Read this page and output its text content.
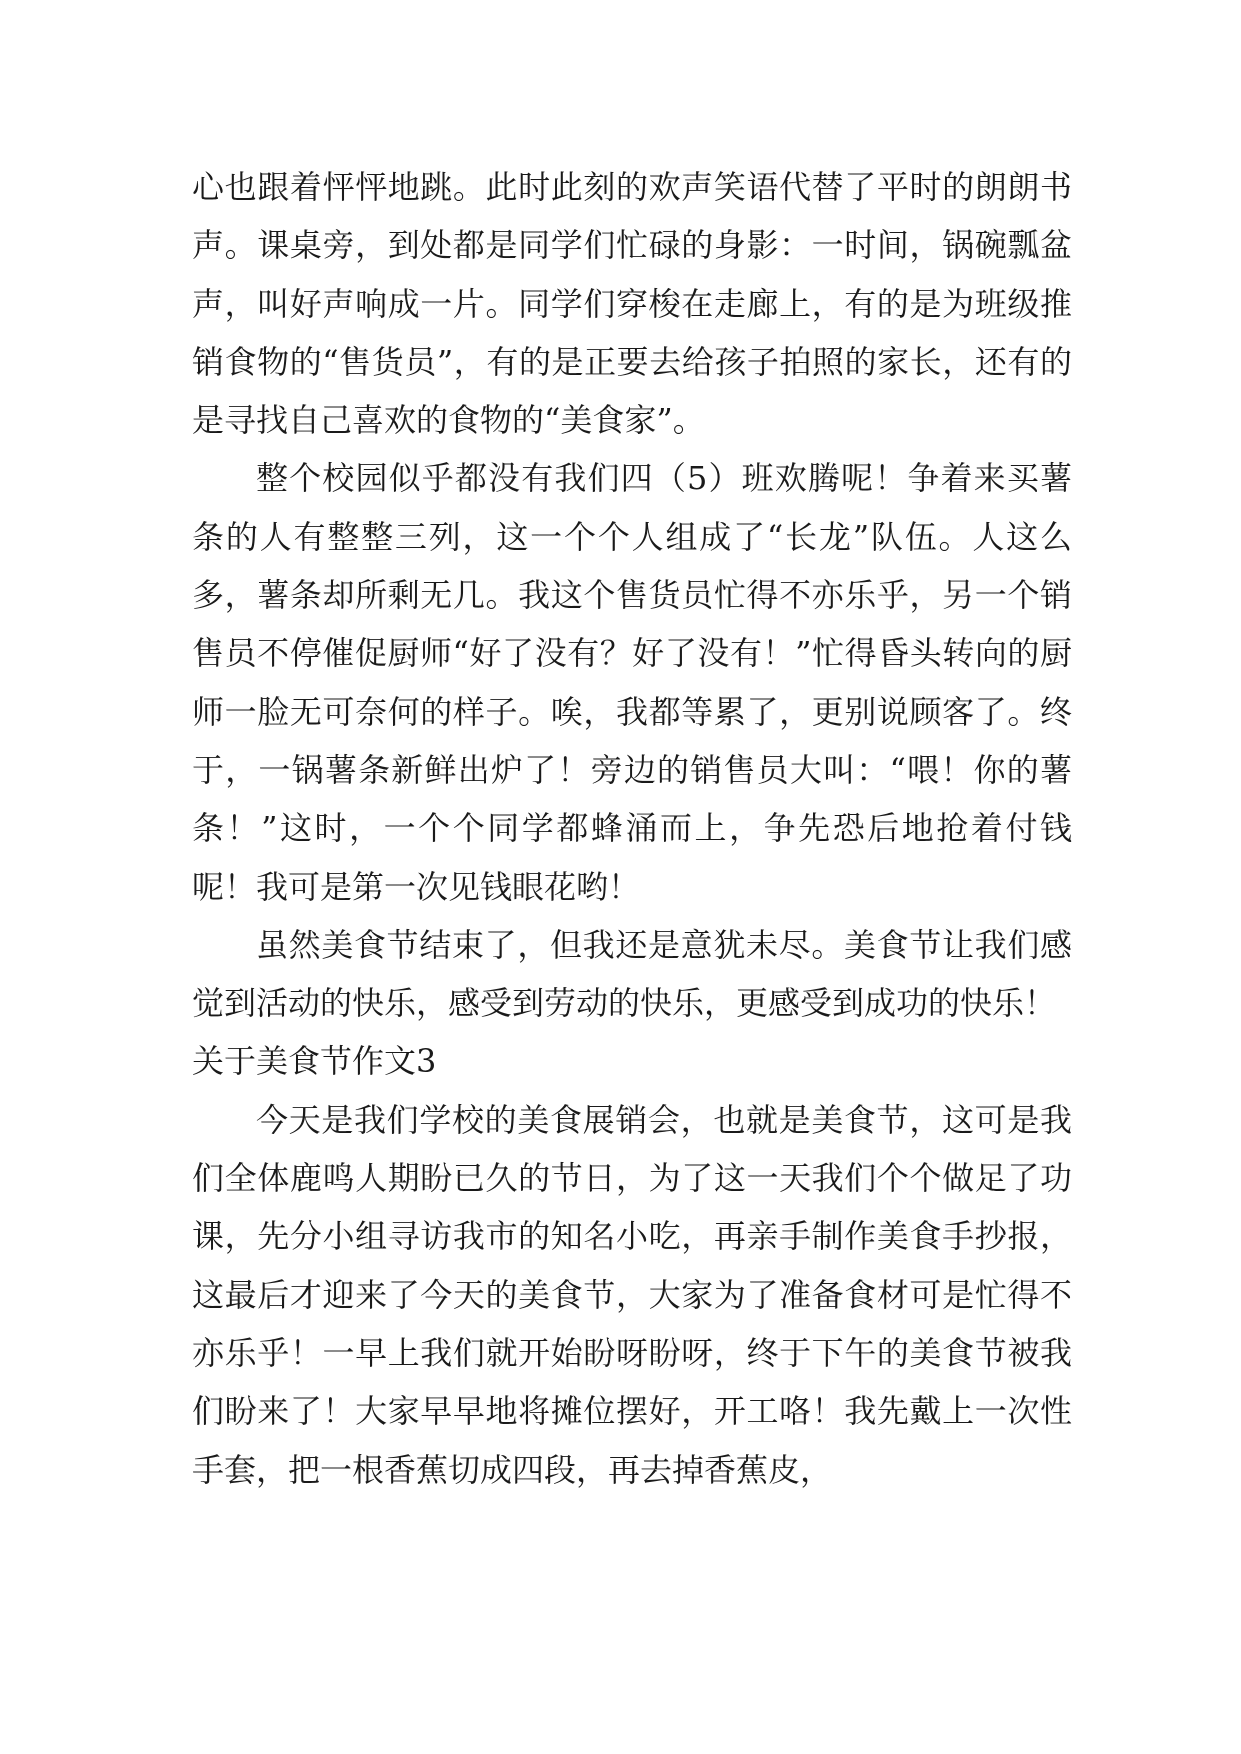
心也跟着怦怦地跳。此时此刻的欢声笑语代替了平时的朗朗书声。课桌旁，到处都是同学们忙碌的身影：一时间，锅碗瓢盆声，叫好声响成一片。同学们穿梭在走廊上，有的是为班级推销食物的“售货员”，有的是正要去给孩子拍照的家长，还有的是寻找自己喜欢的食物的“美食家”。

整个校园似乎都没有我们四（5）班欢腾呢！争着来买薯条的人有整整三列，这一个个人组成了“长龙”队伍。人这么多，薯条却所剩无几。我这个售货员忙得不亦乐乎，另一个销售员不停催促厨师“好了没有？好了没有！”忙得昏头转向的厨师一脸无可奈何的样子。唉，我都等累了，更别说顾客了。终于，一锅薯条新鲜出炉了！旁边的销售员大叫：“喂！你的薯条！”这时，一个个同学都蜂涌而上，争先恐后地抢着付钱呢！我可是第一次见钱眼花哟！

虽然美食节结束了，但我还是意犹未尽。美食节让我们感觉到活动的快乐，感受到劳动的快乐，更感受到成功的快乐！

关于美食节作文3

今天是我们学校的美食展销会，也就是美食节，这可是我们全体鹿鸣人期盼已久的节日，为了这一天我们个个做足了功课，先分小组寻访我市的知名小吃，再亲手制作美食手抄报，这最后才迎来了今天的美食节，大家为了准备食材可是忙得不亦乐乎！一早上我们就开始盼呀盼呀，终于下午的美食节被我们盼来了！大家早早地将摊位摆好，开工咯！我先戴上一次性手套，把一根香蕉切成四段，再去掉香蕉皮，
